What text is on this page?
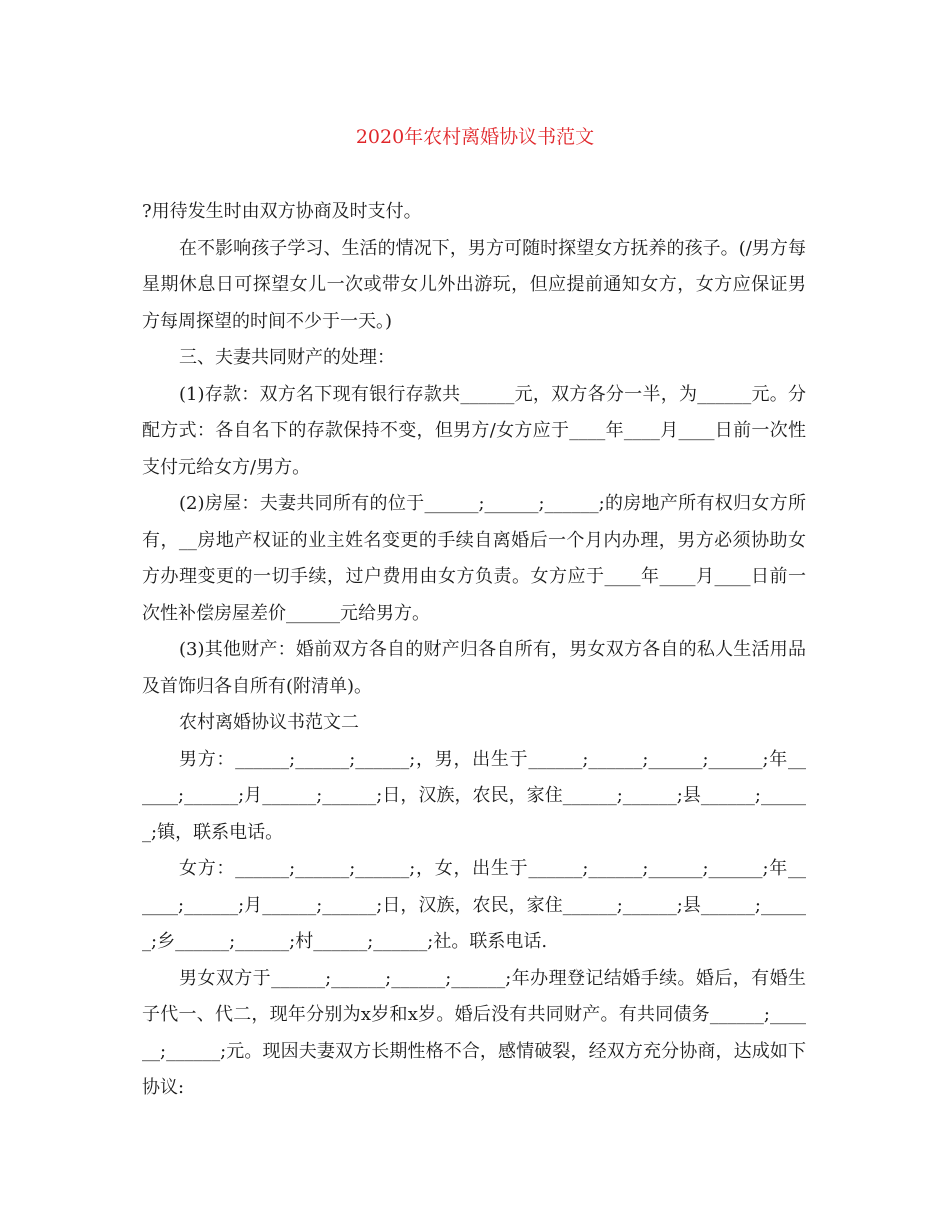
2020年农村离婚协议书范文

?用待发生时由双方协商及时支付。

在不影响孩子学习、生活的情况下，男方可随时探望女方抚养的孩子。(/男方每星期休息日可探望女儿一次或带女儿外出游玩，但应提前通知女方，女方应保证男方每周探望的时间不少于一天。)

三、夫妻共同财产的处理：

(1)存款：双方名下现有银行存款共______元，双方各分一半，为______元。分配方式：各自名下的存款保持不变，但男方/女方应于____年____月____日前一次性支付元给女方/男方。

(2)房屋：夫妻共同所有的位于______;______;______;的房地产所有权归女方所有，__房地产权证的业主姓名变更的手续自离婚后一个月内办理，男方必须协助女方办理变更的一切手续，过户费用由女方负责。女方应于____年____月____日前一次性补偿房屋差价______元给男方。

(3)其他财产：婚前双方各自的财产归各自所有，男女双方各自的私人生活用品及首饰归各自所有(附清单)。

农村离婚协议书范文二

男方：______;______;______;，男，出生于______;______;______;______;年______;______;月______;______;日，汉族，农民，家住______;______;县______;______;镇，联系电话。

女方：______;______;______;，女，出生于______;______;______;______;年______;______;月______;______;日，汉族，农民，家住______;______;县______;______;乡______;______;村______;______;社。联系电话.

男女双方于______;______;______;______;年办理登记结婚手续。婚后，有婚生子代一、代二，现年分别为x岁和x岁。婚后没有共同财产。有共同债务______;______;______;元。现因夫妻双方长期性格不合，感情破裂，经双方充分协商，达成如下协议:
